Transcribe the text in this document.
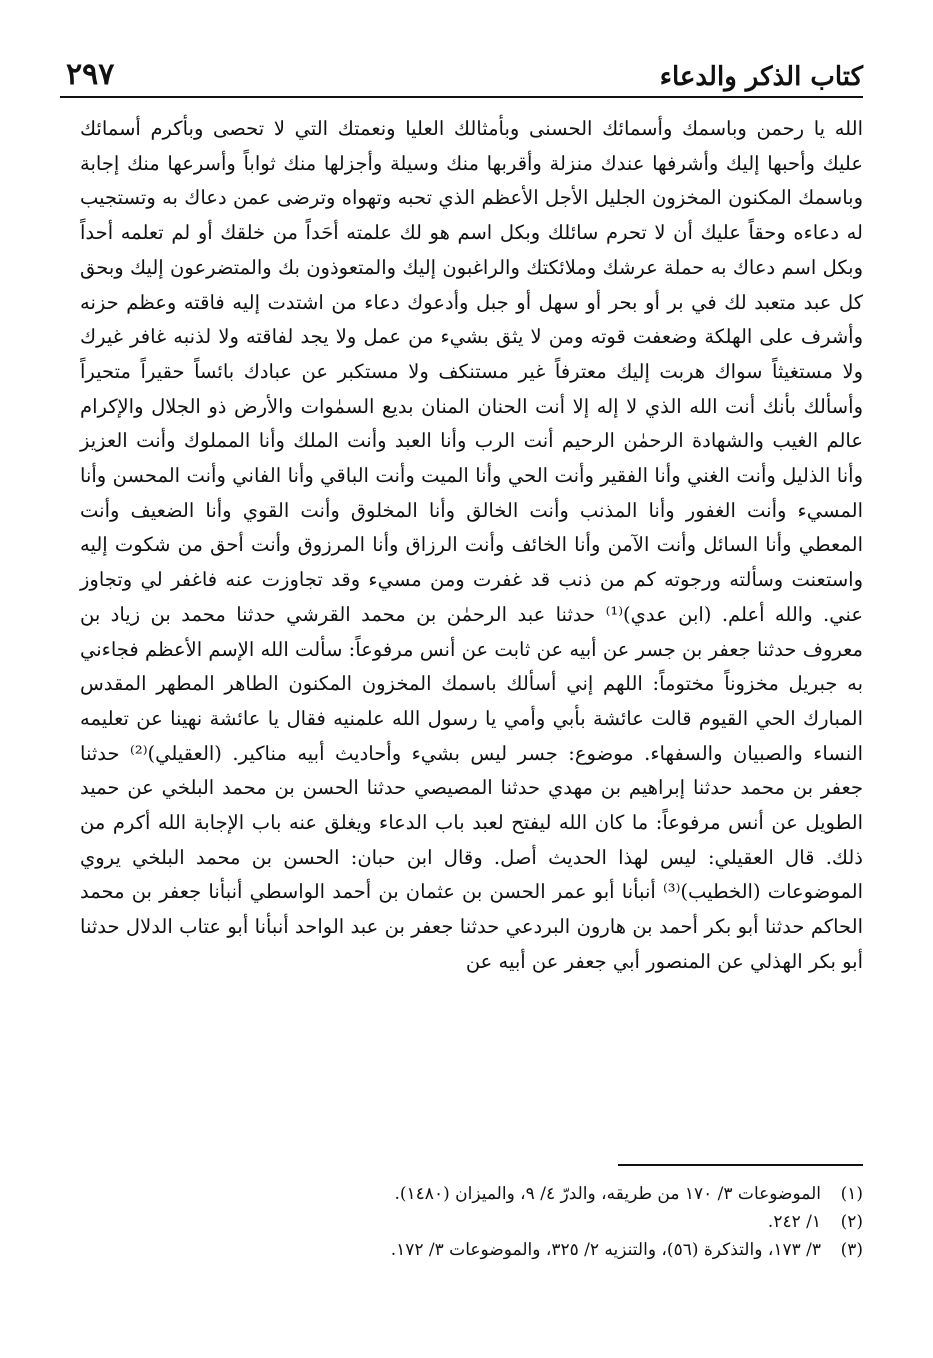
كتاب الذكر والدعاء
٢٩٧

الله يا رحمن وباسمك وأسمائك الحسنى وبأمثالك العليا ونعمتك التي لا تحصى وبأكرم أسمائك عليك وأحبها إليك وأشرفها عندك منزلة وأقربها منك وسيلة وأجزلها منك ثواباً وأسرعها منك إجابة وباسمك المكنون المخزون الجليل الأجل الأعظم الذي تحبه وتهواه وترضى عمن دعاك به وتستجيب له دعاءه وحقاً عليك أن لا تحرم سائلك وبكل اسم هو لك علمته أحَداً من خلقك أو لم تعلمه أحداً وبكل اسم دعاك به حملة عرشك وملائكتك والراغبون إليك والمتعوذون بك والمتضرعون إليك وبحق كل عبد متعبد لك في بر أو بحر أو سهل أو جبل وأدعوك دعاء من اشتدت إليه فاقته وعظم حزنه وأشرف على الهلكة وضعفت قوته ومن لا يثق بشيء من عمل ولا يجد لفاقته ولا لذنبه غافر غيرك ولا مستغيثاً سواك هربت إليك معترفاً غير مستنكف ولا مستكبر عن عبادك بائساً حقيراً متحيراً وأسألك بأنك أنت الله الذي لا إله إلا أنت الحنان المنان بديع السمٰوات والأرض ذو الجلال والإكرام عالم الغيب والشهادة الرحمٰن الرحيم أنت الرب وأنا العبد وأنت الملك وأنا المملوك وأنت العزيز وأنا الذليل وأنت الغني وأنا الفقير وأنت الحي وأنا الميت وأنت الباقي وأنا الفاني وأنت المحسن وأنا المسيء وأنت الغفور وأنا المذنب وأنت الخالق وأنا المخلوق وأنت القوي وأنا الضعيف وأنت المعطي وأنا السائل وأنت الآمن وأنا الخائف وأنت الرزاق وأنا المرزوق وأنت أحق من شكوت إليه واستعنت وسألته ورجوته كم من ذنب قد غفرت ومن مسيء وقد تجاوزت عنه فاغفر لي وتجاوز عني. والله أعلم. (ابن عدي)⁽¹⁾ حدثنا عبد الرحمٰن بن محمد القرشي حدثنا محمد بن زياد بن معروف حدثنا جعفر بن جسر عن أبيه عن ثابت عن أنس مرفوعاً: سألت الله الإسم الأعظم فجاءني به جبريل مخزوناً مختوماً: اللهم إني أسألك باسمك المخزون المكنون الطاهر المطهر المقدس المبارك الحي القيوم قالت عائشة بأبي وأمي يا رسول الله علمنيه فقال يا عائشة نهينا عن تعليمه النساء والصبيان والسفهاء. موضوع: جسر ليس بشيء وأحاديث أبيه مناكير. (العقيلي)⁽²⁾ حدثنا جعفر بن محمد حدثنا إبراهيم بن مهدي حدثنا المصيصي حدثنا الحسن بن محمد البلخي عن حميد الطويل عن أنس مرفوعاً: ما كان الله ليفتح لعبد باب الدعاء ويغلق عنه باب الإجابة الله أكرم من ذلك. قال العقيلي: ليس لهذا الحديث أصل. وقال ابن حبان: الحسن بن محمد البلخي يروي الموضوعات (الخطيب)⁽³⁾ أنبأنا أبو عمر الحسن بن عثمان بن أحمد الواسطي أنبأنا جعفر بن محمد الحاكم حدثنا أبو بكر أحمد بن هارون البردعي حدثنا جعفر بن عبد الواحد أنبأنا أبو عتاب الدلال حدثنا أبو بكر الهذلي عن المنصور أبي جعفر عن أبيه عن

(١)
الموضوعات ٣/ ١٧٠ من طريقه، والدرّ ٤/ ٩، والميزان (١٤٨٠).
(٢)
١/ ٢٤٢.
(٣)
٣/ ١٧٣، والتذكرة (٥٦)، والتنزيه ٢/ ٣٢٥، والموضوعات ٣/ ١٧٢.
